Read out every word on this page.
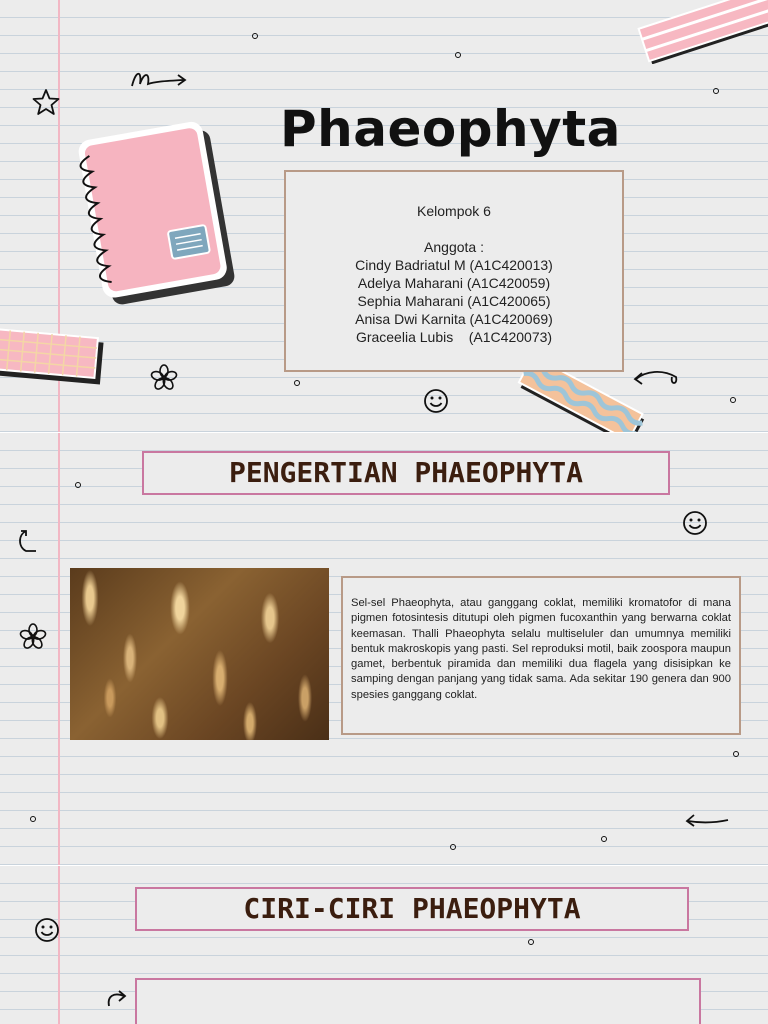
Phaeophyta
Kelompok 6
Anggota :
Cindy Badriatul M (A1C420013)
Adelya Maharani (A1C420059)
Sephia Maharani (A1C420065)
Anisa Dwi Karnita (A1C420069)
Graceelia Lubis    (A1C420073)
PENGERTIAN PHAEOPHYTA

Sel-sel Phaeophyta, atau ganggang coklat, memiliki kromatofor di mana pigmen fotosintesis ditutupi oleh pigmen fucoxanthin yang berwarna coklat keemasan. Thalli Phaeophyta selalu multiseluler dan umumnya memiliki bentuk makroskopis yang pasti. Sel reproduksi motil, baik zoospora maupun gamet, berbentuk piramida dan memiliki dua flagela yang disisipkan ke samping dengan panjang yang tidak sama. Ada sekitar 190 genera dan 900 spesies ganggang coklat.

CIRI-CIRI PHAEOPHYTA
